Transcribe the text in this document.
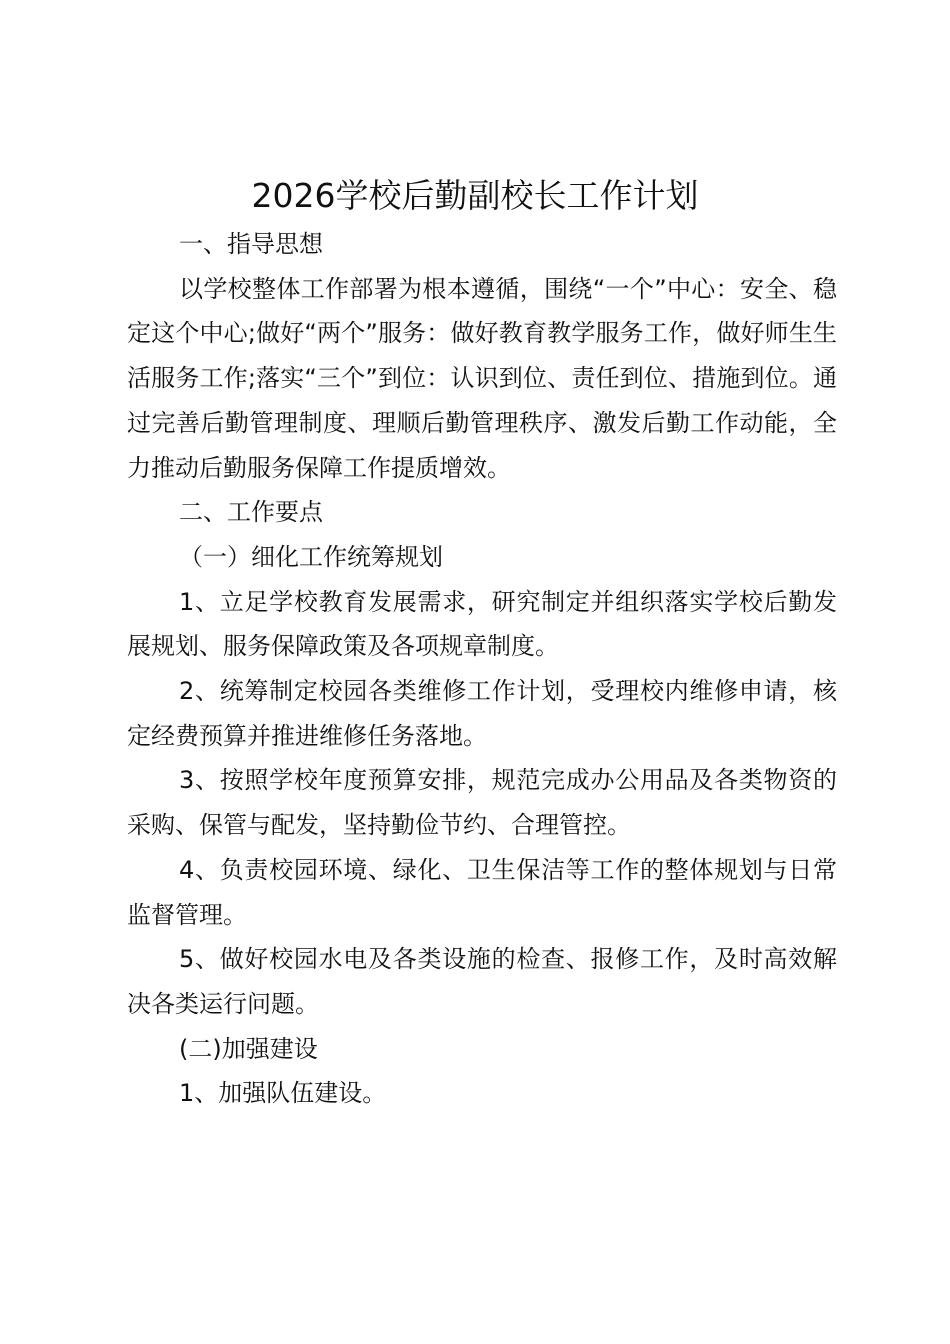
2026学校后勤副校长工作计划

一、指导思想

以学校整体工作部署为根本遵循，围绕“一个”中心：安全、稳定这个中心;做好“两个”服务：做好教育教学服务工作，做好师生生活服务工作;落实“三个”到位：认识到位、责任到位、措施到位。通过完善后勤管理制度、理顺后勤管理秩序、激发后勤工作动能，全力推动后勤服务保障工作提质增效。

二、工作要点

（一）细化工作统筹规划

1、立足学校教育发展需求，研究制定并组织落实学校后勤发展规划、服务保障政策及各项规章制度。

2、统筹制定校园各类维修工作计划，受理校内维修申请，核定经费预算并推进维修任务落地。

3、按照学校年度预算安排，规范完成办公用品及各类物资的采购、保管与配发，坚持勤俭节约、合理管控。

4、负责校园环境、绿化、卫生保洁等工作的整体规划与日常监督管理。

5、做好校园水电及各类设施的检查、报修工作，及时高效解决各类运行问题。

(二)加强建设

1、加强队伍建设。
